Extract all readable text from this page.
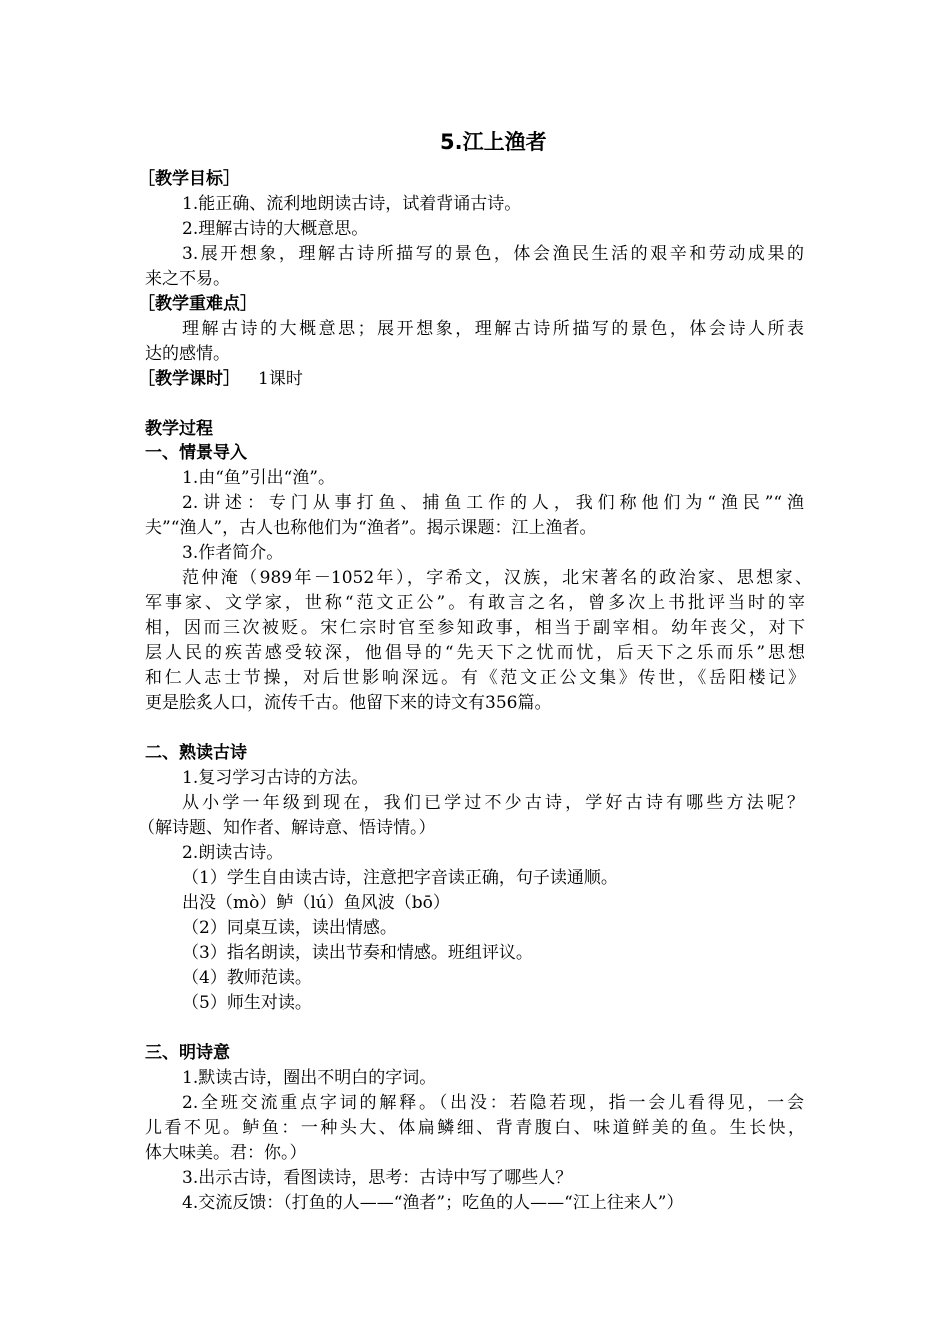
5.江上渔者
［教学目标］
1.能正确、流利地朗读古诗，试着背诵古诗。
2.理解古诗的大概意思。
3.展开想象，理解古诗所描写的景色，体会渔民生活的艰辛和劳动成果的
来之不易。
［教学重难点］
理解古诗的大概意思；展开想象，理解古诗所描写的景色，体会诗人所表
达的感情。
［教学课时］ 1课时
教学过程
一、情景导入
1.由“鱼”引出“渔”。
2.讲述：专门从事打鱼、捕鱼工作的人，我们称他们为“渔民”“渔
夫”“渔人”，古人也称他们为“渔者”。揭示课题：江上渔者。
3.作者简介。
范仲淹（989年－1052年），字希文，汉族，北宋著名的政治家、思想家、
军事家、文学家，世称“范文正公”。有敢言之名，曾多次上书批评当时的宰
相，因而三次被贬。宋仁宗时官至参知政事，相当于副宰相。幼年丧父，对下
层人民的疾苦感受较深，他倡导的“先天下之忧而忧，后天下之乐而乐”思想
和仁人志士节操，对后世影响深远。有《范文正公文集》传世，《岳阳楼记》
更是脍炙人口，流传千古。他留下来的诗文有356篇。
二、熟读古诗
1.复习学习古诗的方法。
从小学一年级到现在，我们已学过不少古诗，学好古诗有哪些方法呢？
（解诗题、知作者、解诗意、悟诗情。）
2.朗读古诗。
（1）学生自由读古诗，注意把字音读正确，句子读通顺。
出没（mò）鲈（lú）鱼风波（bō）
（2）同桌互读，读出情感。
（3）指名朗读，读出节奏和情感。班组评议。
（4）教师范读。
（5）师生对读。
三、明诗意
1.默读古诗，圈出不明白的字词。
2.全班交流重点字词的解释。（出没：若隐若现，指一会儿看得见，一会
儿看不见。鲈鱼：一种头大、体扁鳞细、背青腹白、味道鲜美的鱼。生长快，
体大味美。君：你。）
3.出示古诗，看图读诗，思考：古诗中写了哪些人？
4.交流反馈：（打鱼的人——“渔者”；吃鱼的人——“江上往来人”）
